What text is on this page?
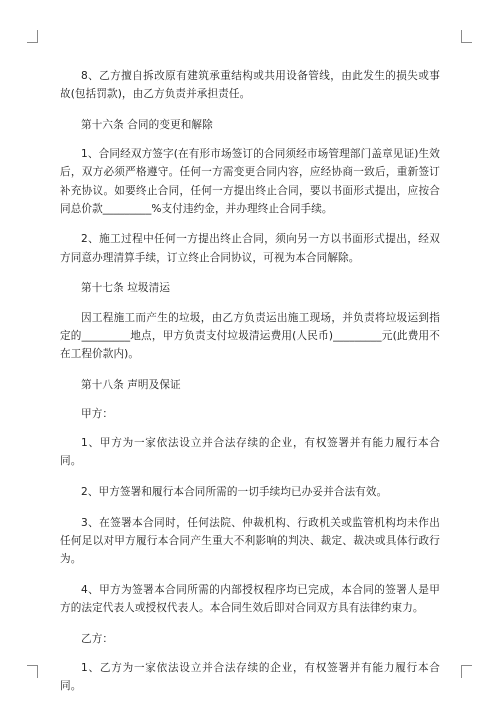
8、乙方擅自拆改原有建筑承重结构或共用设备管线，由此发生的损失或事故(包括罚款)，由乙方负责并承担责任。

第十六条 合同的变更和解除

1、合同经双方签字(在有形市场签订的合同须经市场管理部门盖章见证)生效后，双方必须严格遵守。任何一方需变更合同内容，应经协商一致后，重新签订补充协议。如要终止合同，任何一方提出终止合同，要以书面形式提出，应按合同总价款_________%支付违约金，并办理终止合同手续。

2、施工过程中任何一方提出终止合同，须向另一方以书面形式提出，经双方同意办理清算手续，订立终止合同协议，可视为本合同解除。

第十七条 垃圾清运

因工程施工而产生的垃圾，由乙方负责运出施工现场，并负责将垃圾运到指定的_________地点，甲方负责支付垃圾清运费用(人民币)_________元(此费用不在工程价款内)。

第十八条 声明及保证

甲方：

1、甲方为一家依法设立并合法存续的企业，有权签署并有能力履行本合同。

2、甲方签署和履行本合同所需的一切手续均已办妥并合法有效。

3、在签署本合同时，任何法院、仲裁机构、行政机关或监管机构均未作出任何足以对甲方履行本合同产生重大不利影响的判决、裁定、裁决或具体行政行为。

4、甲方为签署本合同所需的内部授权程序均已完成，本合同的签署人是甲方的法定代表人或授权代表人。本合同生效后即对合同双方具有法律约束力。

乙方：

1、乙方为一家依法设立并合法存续的企业，有权签署并有能力履行本合同。
